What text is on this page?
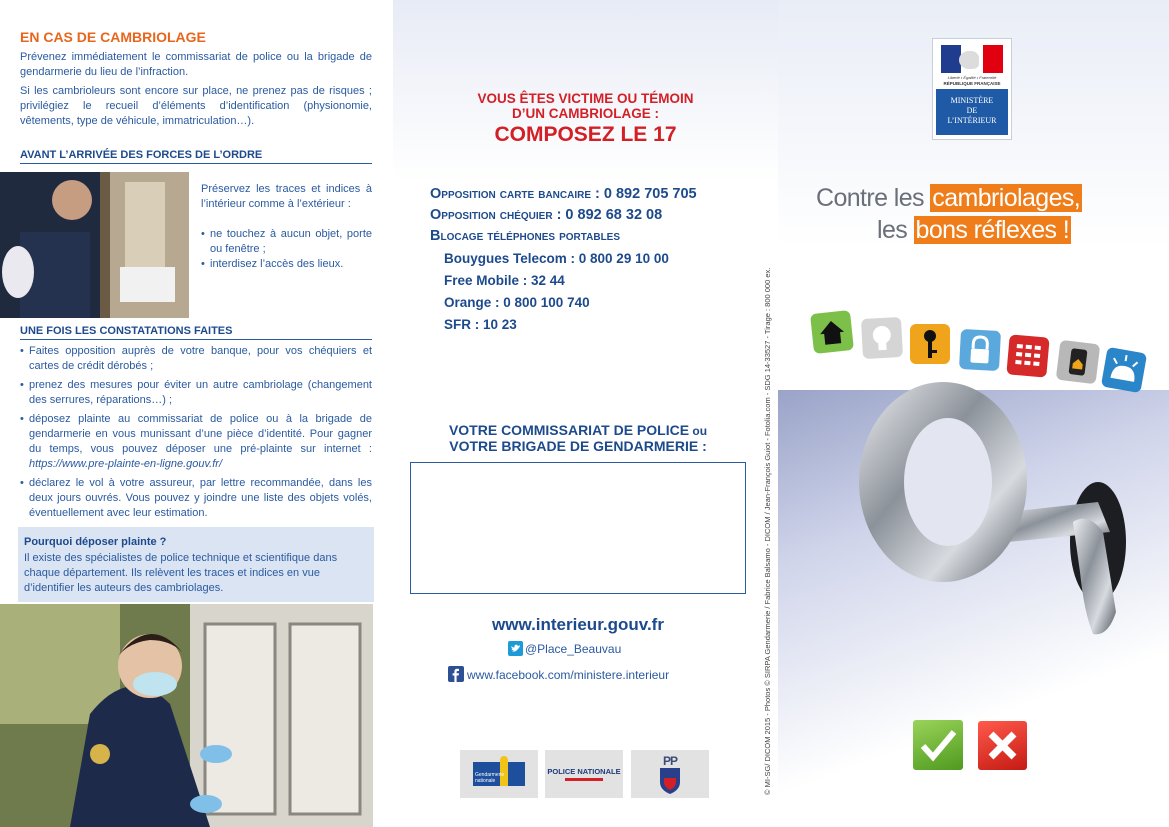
EN CAS DE CAMBRIOLAGE
Prévenez immédiatement le commissariat de police ou la brigade de gendarmerie du lieu de l’infraction.
Si les cambrioleurs sont encore sur place, ne prenez pas de risques ; privilégiez le recueil d’éléments d’identification (physionomie, vêtements, type de véhicule, immatriculation…).
AVANT L’ARRIVÉE DES FORCES DE L’ORDRE
Préservez les traces et indices à l’intérieur comme à l’extérieur :
• ne touchez à aucun objet, porte ou fenêtre ;
• interdisez l’accès des lieux.
UNE FOIS LES CONSTATATIONS FAITES
• Faites opposition auprès de votre banque, pour vos chéquiers et cartes de crédit dérobés ;
• prenez des mesures pour éviter un autre cambriolage (changement des serrures, réparations…) ;
• déposez plainte au commissariat de police ou à la brigade de gendarmerie en vous munissant d’une pièce d’identité. Pour gagner du temps, vous pouvez déposer une pré-plainte sur internet : https://www.pre-plainte-en-ligne.gouv.fr/
• déclarez le vol à votre assureur, par lettre recommandée, dans les deux jours ouvrés. Vous pouvez y joindre une liste des objets volés, éventuellement avec leur estimation.
Pourquoi déposer plainte ?
Il existe des spécialistes de police technique et scientifique dans chaque département. Ils relèvent les traces et indices en vue d’identifier les auteurs des cambriolages.
VOUS ÊTES VICTIME OU TÉMOIN
D’UN CAMBRIOLAGE :
COMPOSEZ LE 17
Opposition carte bancaire : 0 892 705 705
Opposition chéquier : 0 892 68 32 08
Blocage téléphones portables
Bouygues Telecom : 0 800 29 10 00
Free Mobile : 32 44
Orange : 0 800 100 740
SFR : 10 23
VOTRE COMMISSARIAT DE POLICE ou
VOTRE BRIGADE DE GENDARMERIE :
www.interieur.gouv.fr
@Place_Beauvau
www.facebook.com/ministere.interieur
Gendarmerie nationale
POLICE NATIONALE
PP	© MI-SG/ DICOM 2015 - Photos © SIRPA Gendarmerie / Fabrice Balsamo - DICOM / Jean-François Guiot - Fotolia.com - SDG 14-33527 - Tirage : 800 000 ex.
Liberté • Égalité • Fraternité
RÉPUBLIQUE FRANÇAISE
MINISTÈRE
DE
L’INTÉRIEUR
Contre les cambriolages,
les bons réflexes !
